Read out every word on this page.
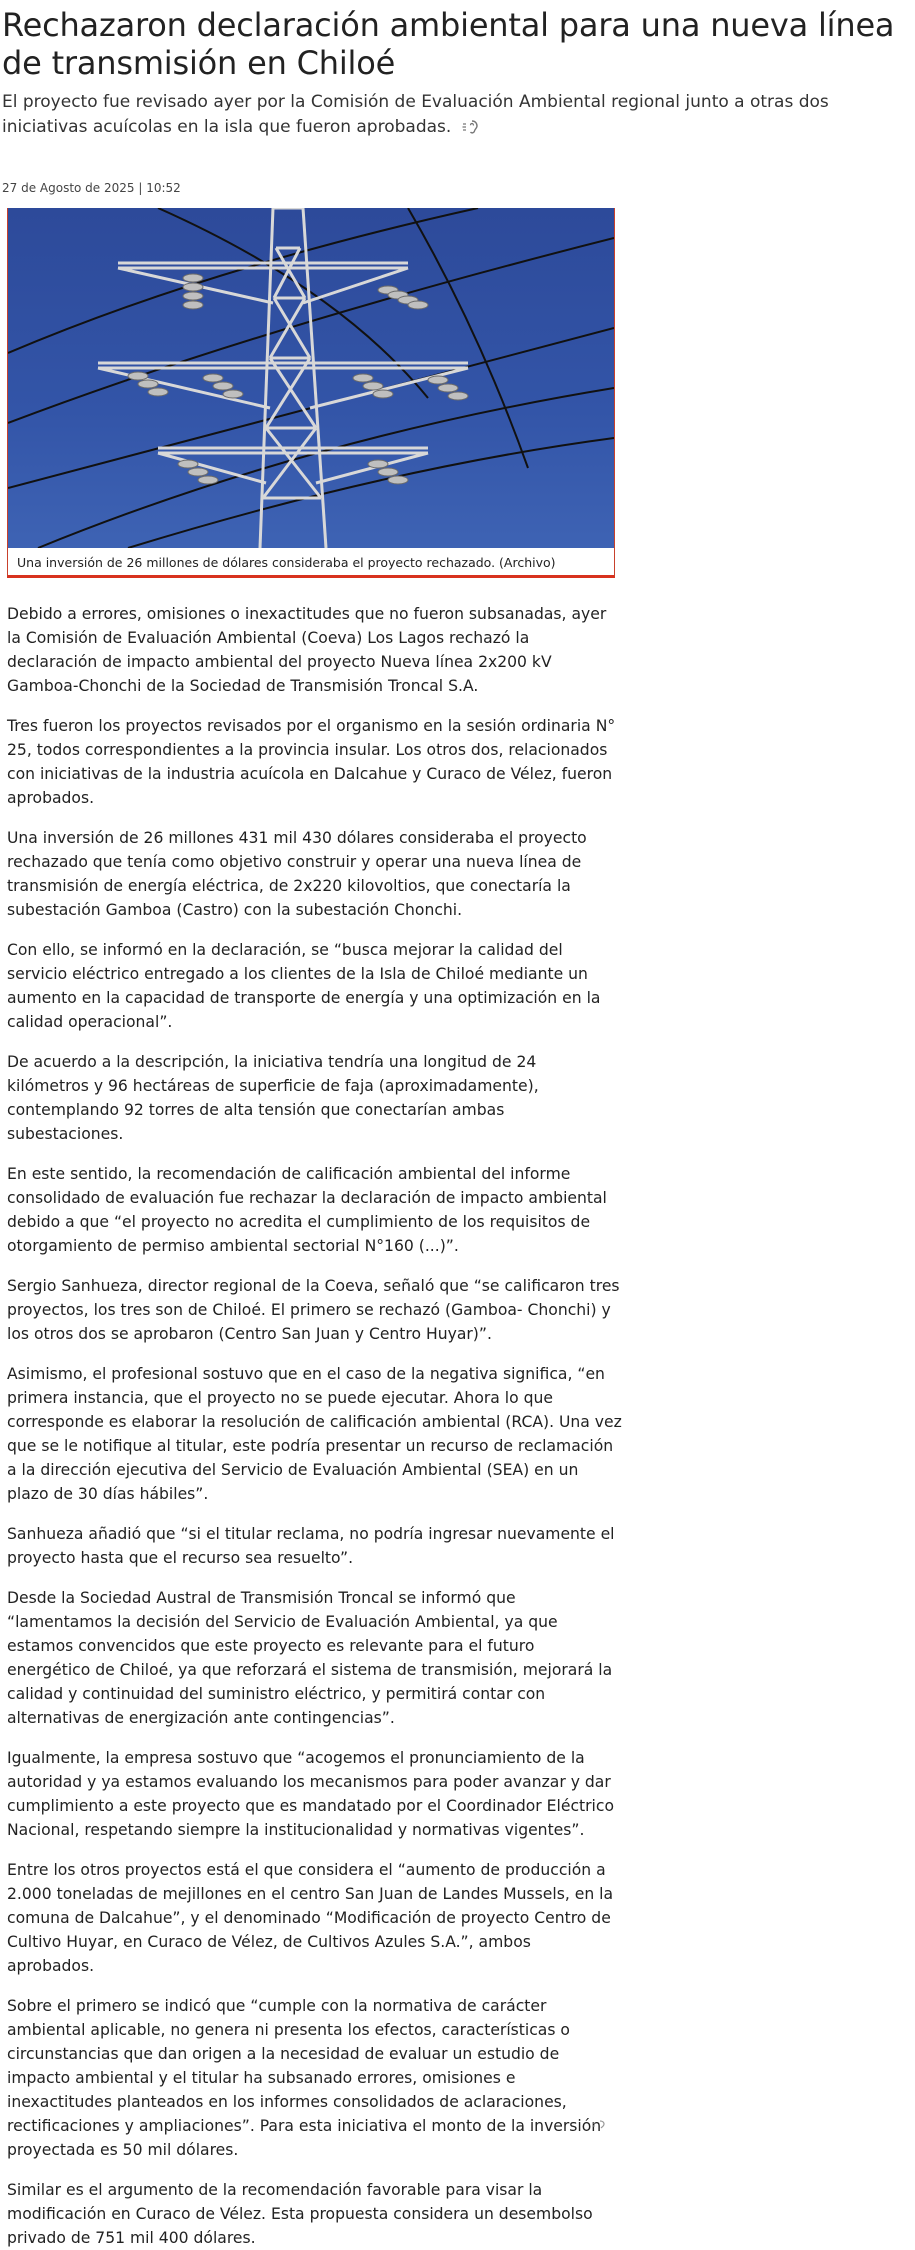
Rechazaron declaración ambiental para una nueva línea de transmisión en Chiloé
El proyecto fue revisado ayer por la Comisión de Evaluación Ambiental regional junto a otras dos iniciativas acuícolas en la isla que fueron aprobadas.
27 de Agosto de 2025 | 10:52
Una inversión de 26 millones de dólares consideraba el proyecto rechazado. (Archivo)

Debido a errores, omisiones o inexactitudes que no fueron subsanadas, ayer la Comisión de Evaluación Ambiental (Coeva) Los Lagos rechazó la declaración de impacto ambiental del proyecto Nueva línea 2x200 kV Gamboa-Chonchi de la Sociedad de Transmisión Troncal S.A.

Tres fueron los proyectos revisados por el organismo en la sesión ordinaria N° 25, todos correspondientes a la provincia insular. Los otros dos, relacionados con iniciativas de la industria acuícola en Dalcahue y Curaco de Vélez, fueron aprobados.

Una inversión de 26 millones 431 mil 430 dólares consideraba el proyecto rechazado que tenía como objetivo construir y operar una nueva línea de transmisión de energía eléctrica, de 2x220 kilovoltios, que conectaría la subestación Gamboa (Castro) con la subestación Chonchi.

Con ello, se informó en la declaración, se “busca mejorar la calidad del servicio eléctrico entregado a los clientes de la Isla de Chiloé mediante un aumento en la capacidad de transporte de energía y una optimización en la calidad operacional”.

De acuerdo a la descripción, la iniciativa tendría una longitud de 24 kilómetros y 96 hectáreas de superficie de faja (aproximadamente), contemplando 92 torres de alta tensión que conectarían ambas subestaciones.

En este sentido, la recomendación de calificación ambiental del informe consolidado de evaluación fue rechazar la declaración de impacto ambiental debido a que “el proyecto no acredita el cumplimiento de los requisitos de otorgamiento de permiso ambiental sectorial N°160 (...)”.

Sergio Sanhueza, director regional de la Coeva, señaló que “se calificaron tres proyectos, los tres son de Chiloé. El primero se rechazó (Gamboa- Chonchi) y los otros dos se aprobaron (Centro San Juan y Centro Huyar)”.

Asimismo, el profesional sostuvo que en el caso de la negativa significa, “en primera instancia, que el proyecto no se puede ejecutar. Ahora lo que corresponde es elaborar la resolución de calificación ambiental (RCA). Una vez que se le notifique al titular, este podría presentar un recurso de reclamación a la dirección ejecutiva del Servicio de Evaluación Ambiental (SEA) en un plazo de 30 días hábiles”.

Sanhueza añadió que “si el titular reclama, no podría ingresar nuevamente el proyecto hasta que el recurso sea resuelto”.

Desde la Sociedad Austral de Transmisión Troncal se informó que “lamentamos la decisión del Servicio de Evaluación Ambiental, ya que estamos convencidos que este proyecto es relevante para el futuro energético de Chiloé, ya que reforzará el sistema de transmisión, mejorará la calidad y continuidad del suministro eléctrico, y permitirá contar con alternativas de energización ante contingencias”.

Igualmente, la empresa sostuvo que “acogemos el pronunciamiento de la autoridad y ya estamos evaluando los mecanismos para poder avanzar y dar cumplimiento a este proyecto que es mandatado por el Coordinador Eléctrico Nacional, respetando siempre la institucionalidad y normativas vigentes”.

Entre los otros proyectos está el que considera el “aumento de producción a 2.000 toneladas de mejillones en el centro San Juan de Landes Mussels, en la comuna de Dalcahue”, y el denominado “Modificación de proyecto Centro de Cultivo Huyar, en Curaco de Vélez, de Cultivos Azules S.A.”, ambos aprobados.

Sobre el primero se indicó que “cumple con la normativa de carácter ambiental aplicable, no genera ni presenta los efectos, características o circunstancias que dan origen a la necesidad de evaluar un estudio de impacto ambiental y el titular ha subsanado errores, omisiones e inexactitudes planteados en los informes consolidados de aclaraciones, rectificaciones y ampliaciones”. Para esta iniciativa el monto de la inversión proyectada es 50 mil dólares.

Similar es el argumento de la recomendación favorable para visar la modificación en Curaco de Vélez. Esta propuesta considera un desembolso privado de 751 mil 400 dólares.
